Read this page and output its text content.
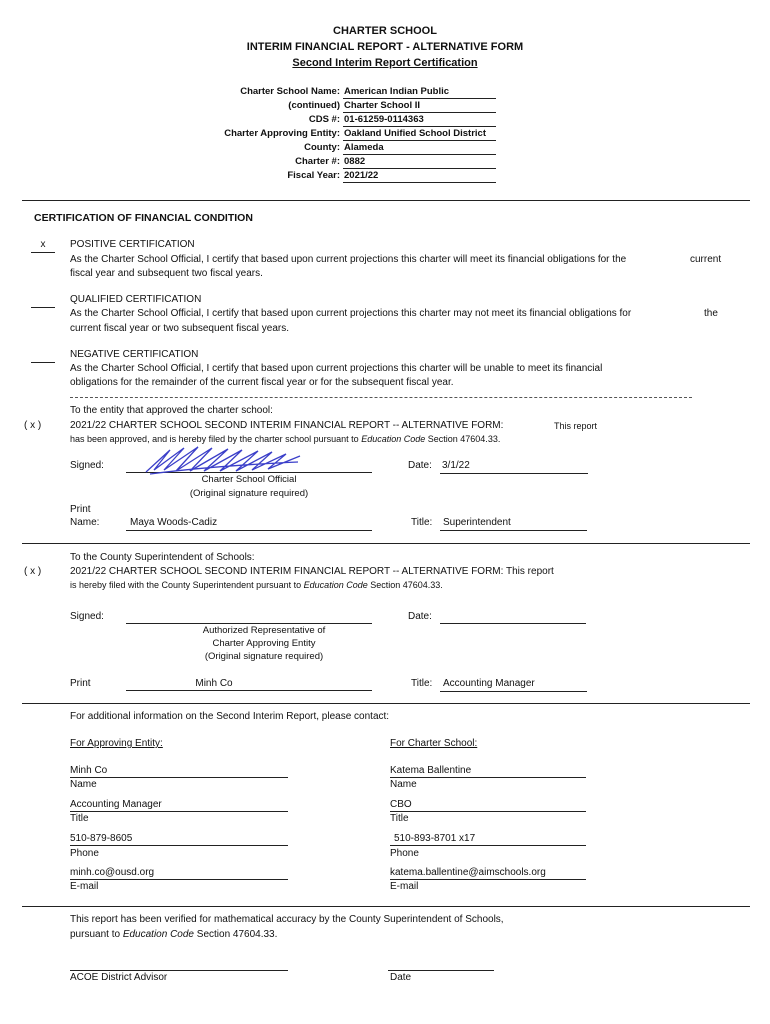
CHARTER SCHOOL
INTERIM FINANCIAL REPORT - ALTERNATIVE FORM
Second Interim Report Certification
Charter School Name: American Indian Public
(continued) Charter School II
CDS #: 01-61259-0114363
Charter Approving Entity: Oakland Unified School District
County: Alameda
Charter #: 0882
Fiscal Year: 2021/22
CERTIFICATION OF FINANCIAL CONDITION
x	POSITIVE CERTIFICATION
As the Charter School Official, I certify that based upon current projections this charter will meet its financial obligations for the	current
fiscal year and subsequent two fiscal years.
QUALIFIED CERTIFICATION
As the Charter School Official, I certify that based upon current projections this charter may not meet its financial obligations for	the
current fiscal year or two subsequent fiscal years.
NEGATIVE CERTIFICATION
As the Charter School Official, I certify that based upon current projections this charter will be unable to meet its financial
obligations for the remainder of the current fiscal year or for the subsequent fiscal year.
To the entity that approved the charter school:
( x )	2021/22 CHARTER SCHOOL SECOND INTERIM FINANCIAL REPORT -- ALTERNATIVE FORM:	This report
has been approved, and is hereby filed by the charter school pursuant to Education Code Section 47604.33.
Signed:
Charter School Official
(Original signature required)
Date: 3/1/22
Print
Name:	Maya Woods-Cadiz	Title:	Superintendent
To the County Superintendent of Schools:
( x )	2021/22 CHARTER SCHOOL SECOND INTERIM FINANCIAL REPORT -- ALTERNATIVE FORM: This report
is hereby filed with the County Superintendent pursuant to Education Code Section 47604.33.
Signed:	Date:
Authorized Representative of
Charter Approving Entity
(Original signature required)
Print	Minh Co	Title:	Accounting Manager
For additional information on the Second Interim Report, please contact:
For Approving Entity:	For Charter School:
Minh Co
Name
Katema Ballentine
Name
Accounting Manager
Title
CBO
Title
510-879-8605
Phone
510-893-8701 x17
Phone
minh.co@ousd.org
E-mail
katema.ballentine@aimschools.org
E-mail
This report has been verified for mathematical accuracy by the County Superintendent of Schools,
pursuant to Education Code Section 47604.33.
ACOE District Advisor	Date
